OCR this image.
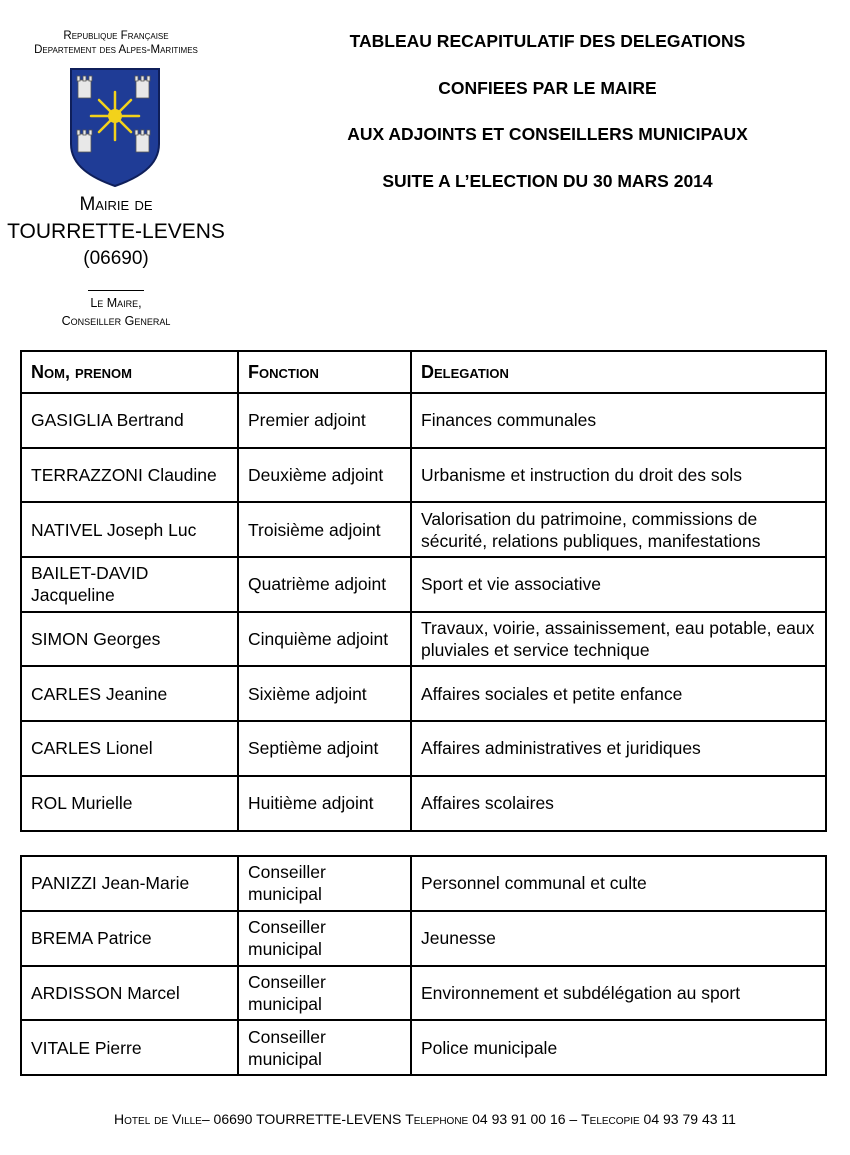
Republique Française
Departement des Alpes-Maritimes
Mairie de
TOURRETTE-LEVENS
(06690)
Le Maire,
Conseiller General
TABLEAU RECAPITULATIF DES DELEGATIONS
CONFIEES PAR LE MAIRE
AUX ADJOINTS ET CONSEILLERS MUNICIPAUX
SUITE A L’ELECTION DU 30 MARS 2014
Nom, prenom	Fonction	Delegation
GASIGLIA Bertrand	Premier adjoint	Finances communales
TERRAZZONI Claudine	Deuxième adjoint	Urbanisme et instruction du droit des sols
NATIVEL Joseph Luc	Troisième adjoint	Valorisation du patrimoine, commissions de sécurité, relations publiques, manifestations
BAILET-DAVID Jacqueline	Quatrième adjoint	Sport et vie associative
SIMON Georges	Cinquième adjoint	Travaux, voirie, assainissement, eau potable, eaux pluviales et service technique
CARLES Jeanine	Sixième adjoint	Affaires sociales et petite enfance
CARLES Lionel	Septième adjoint	Affaires administratives et juridiques
ROL Murielle	Huitième adjoint	Affaires scolaires
PANIZZI Jean-Marie	Conseiller municipal	Personnel communal et culte
BREMA Patrice	Conseiller municipal	Jeunesse
ARDISSON Marcel	Conseiller municipal	Environnement et subdélégation au sport
VITALE Pierre	Conseiller municipal	Police municipale
Hotel de Ville– 06690 TOURRETTE-LEVENS Telephone 04 93 91 00 16 – Telecopie 04 93 79 43 11
